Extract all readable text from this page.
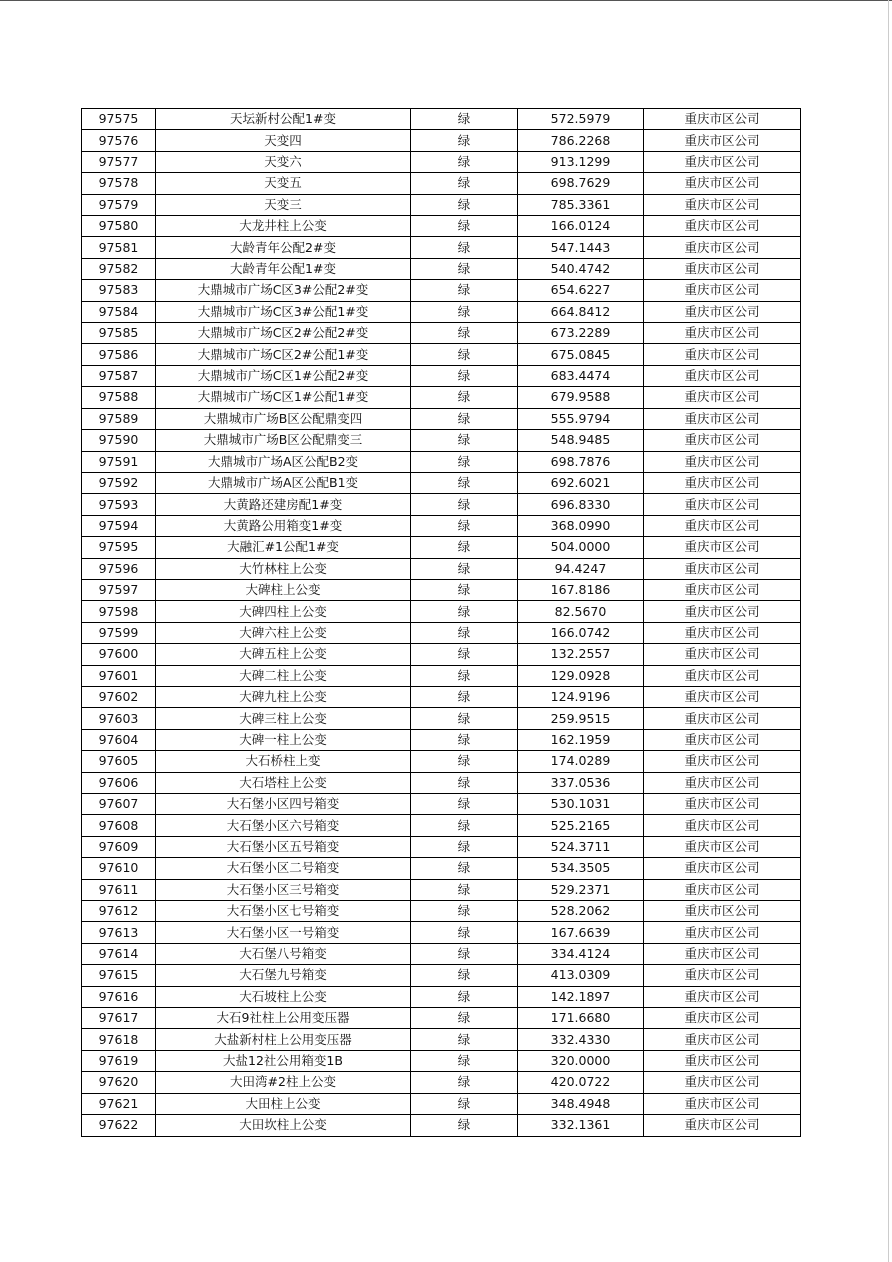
97575	天坛新村公配1#变	绿	572.5979	重庆市区公司
97576	天变四	绿	786.2268	重庆市区公司
97577	天变六	绿	913.1299	重庆市区公司
97578	天变五	绿	698.7629	重庆市区公司
97579	天变三	绿	785.3361	重庆市区公司
97580	大龙井柱上公变	绿	166.0124	重庆市区公司
97581	大龄青年公配2#变	绿	547.1443	重庆市区公司
97582	大龄青年公配1#变	绿	540.4742	重庆市区公司
97583	大鼎城市广场C区3#公配2#变	绿	654.6227	重庆市区公司
97584	大鼎城市广场C区3#公配1#变	绿	664.8412	重庆市区公司
97585	大鼎城市广场C区2#公配2#变	绿	673.2289	重庆市区公司
97586	大鼎城市广场C区2#公配1#变	绿	675.0845	重庆市区公司
97587	大鼎城市广场C区1#公配2#变	绿	683.4474	重庆市区公司
97588	大鼎城市广场C区1#公配1#变	绿	679.9588	重庆市区公司
97589	大鼎城市广场B区公配鼎变四	绿	555.9794	重庆市区公司
97590	大鼎城市广场B区公配鼎变三	绿	548.9485	重庆市区公司
97591	大鼎城市广场A区公配B2变	绿	698.7876	重庆市区公司
97592	大鼎城市广场A区公配B1变	绿	692.6021	重庆市区公司
97593	大黄路还建房配1#变	绿	696.8330	重庆市区公司
97594	大黄路公用箱变1#变	绿	368.0990	重庆市区公司
97595	大融汇#1公配1#变	绿	504.0000	重庆市区公司
97596	大竹林柱上公变	绿	94.4247	重庆市区公司
97597	大碑柱上公变	绿	167.8186	重庆市区公司
97598	大碑四柱上公变	绿	82.5670	重庆市区公司
97599	大碑六柱上公变	绿	166.0742	重庆市区公司
97600	大碑五柱上公变	绿	132.2557	重庆市区公司
97601	大碑二柱上公变	绿	129.0928	重庆市区公司
97602	大碑九柱上公变	绿	124.9196	重庆市区公司
97603	大碑三柱上公变	绿	259.9515	重庆市区公司
97604	大碑一柱上公变	绿	162.1959	重庆市区公司
97605	大石桥柱上变	绿	174.0289	重庆市区公司
97606	大石塔柱上公变	绿	337.0536	重庆市区公司
97607	大石堡小区四号箱变	绿	530.1031	重庆市区公司
97608	大石堡小区六号箱变	绿	525.2165	重庆市区公司
97609	大石堡小区五号箱变	绿	524.3711	重庆市区公司
97610	大石堡小区二号箱变	绿	534.3505	重庆市区公司
97611	大石堡小区三号箱变	绿	529.2371	重庆市区公司
97612	大石堡小区七号箱变	绿	528.2062	重庆市区公司
97613	大石堡小区一号箱变	绿	167.6639	重庆市区公司
97614	大石堡八号箱变	绿	334.4124	重庆市区公司
97615	大石堡九号箱变	绿	413.0309	重庆市区公司
97616	大石坡柱上公变	绿	142.1897	重庆市区公司
97617	大石9社柱上公用变压器	绿	171.6680	重庆市区公司
97618	大盐新村柱上公用变压器	绿	332.4330	重庆市区公司
97619	大盐12社公用箱变1B	绿	320.0000	重庆市区公司
97620	大田湾#2柱上公变	绿	420.0722	重庆市区公司
97621	大田柱上公变	绿	348.4948	重庆市区公司
97622	大田坎柱上公变	绿	332.1361	重庆市区公司
